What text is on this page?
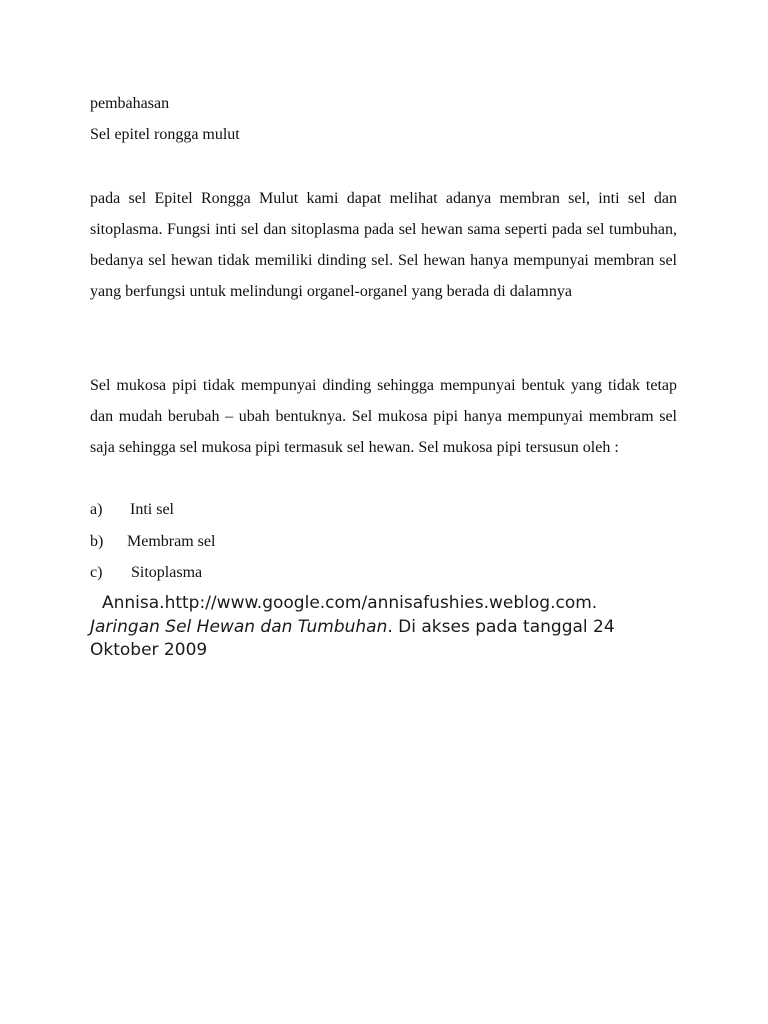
pembahasan
Sel epitel rongga mulut
pada sel Epitel Rongga Mulut kami dapat melihat adanya membran sel, inti sel dan sitoplasma. Fungsi inti sel dan sitoplasma pada sel hewan sama seperti pada sel tumbuhan, bedanya sel hewan tidak memiliki dinding sel. Sel hewan hanya mempunyai membran sel yang berfungsi untuk melindungi organel-organel yang berada di dalamnya
Sel mukosa pipi tidak mempunyai dinding sehingga mempunyai bentuk yang tidak tetap dan mudah berubah – ubah bentuknya. Sel mukosa pipi hanya mempunyai membram sel saja sehingga sel mukosa pipi termasuk sel hewan. Sel mukosa pipi tersusun oleh :
a) Inti sel
b) Membram sel
c) Sitoplasma
Annisa.http://www.google.com/annisafushies.weblog.com.
Jaringan Sel Hewan dan Tumbuhan. Di akses pada tanggal 24 Oktober 2009
